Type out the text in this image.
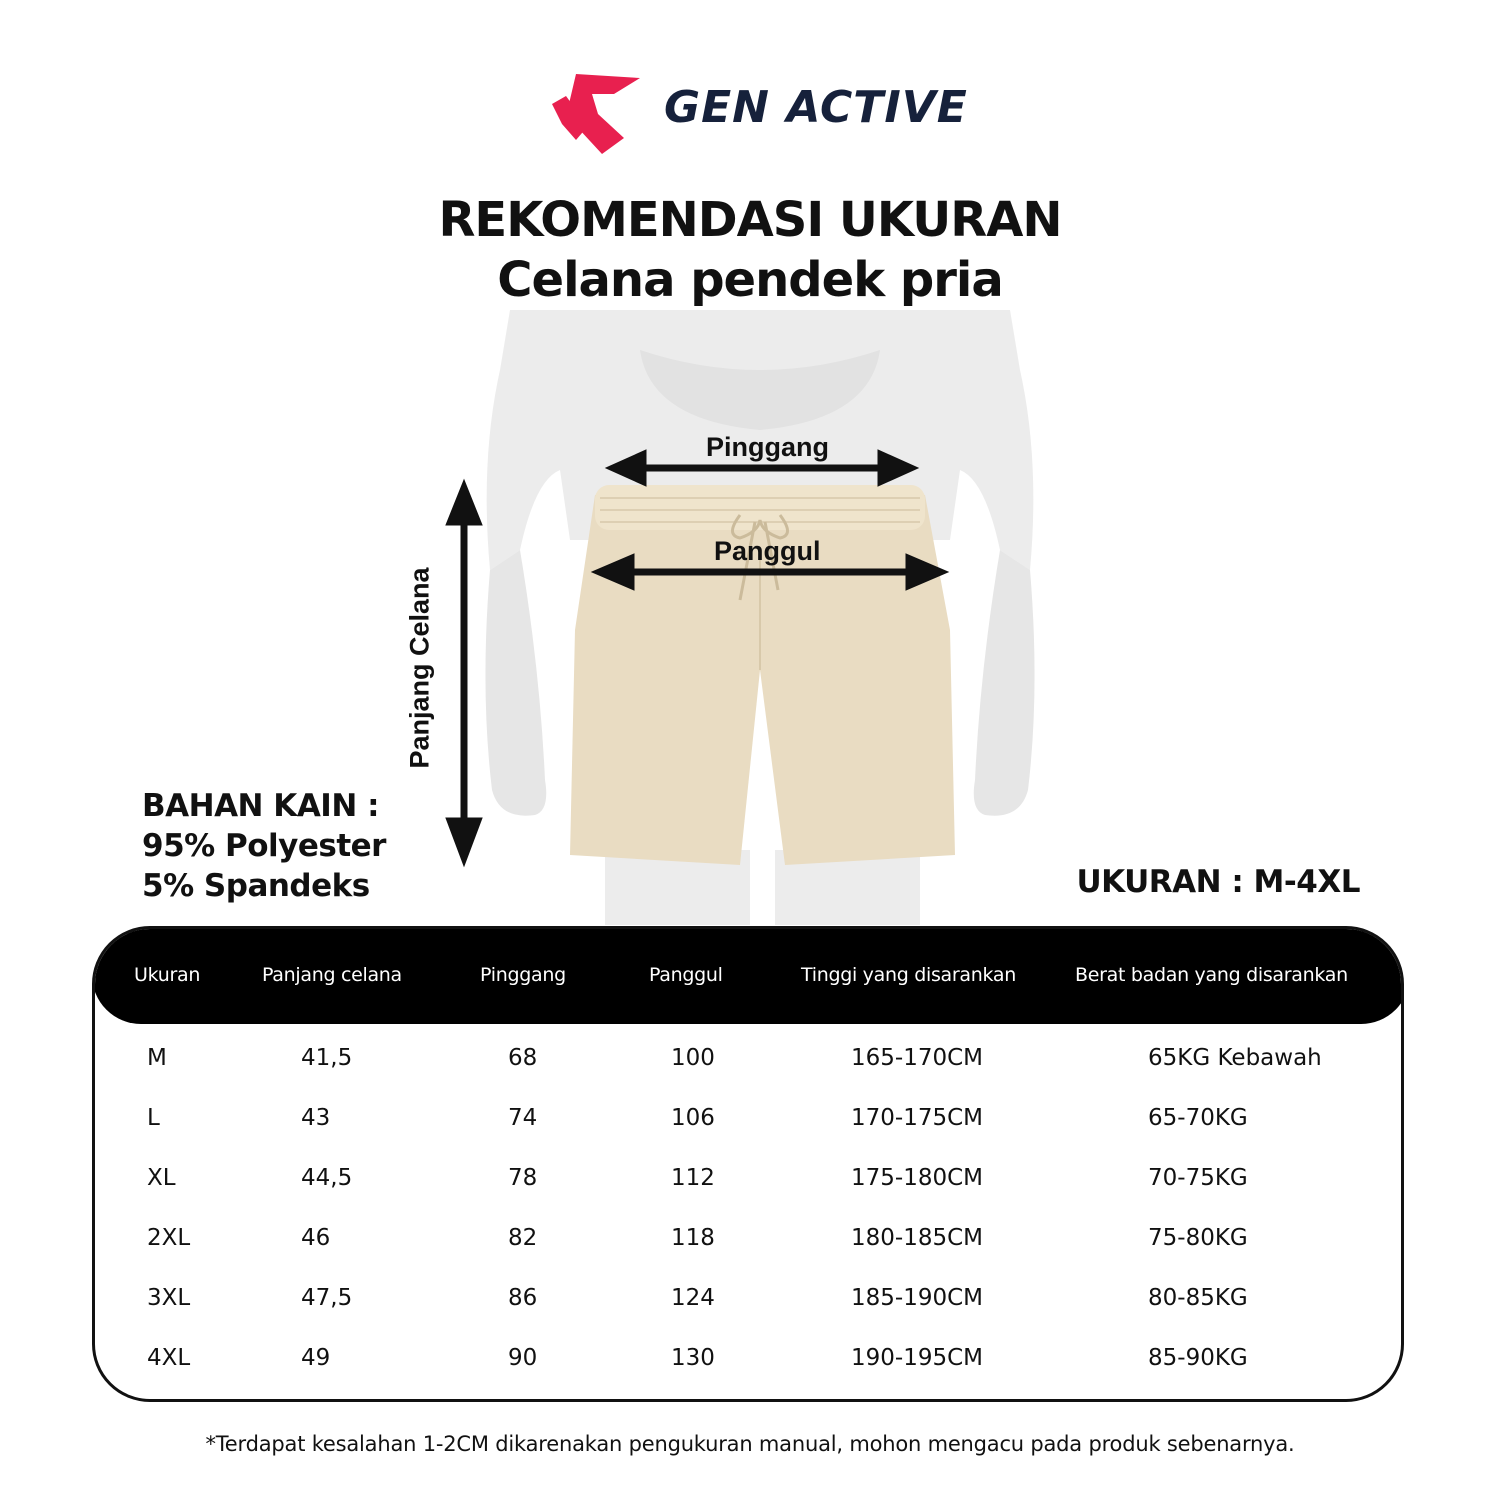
GEN ACTIVE
REKOMENDASI UKURAN
Celana pendek pria
Pinggang
Panggul
Panjang Celana
BAHAN KAIN :
95% Polyester
5% Spandeks	UKURAN : M-4XL
Ukuran	Panjang celana	Pinggang	Panggul	Tinggi yang disarankan	Berat badan yang disarankan
M	41,5	68	100	165-170CM	65KG Kebawah
L	43	74	106	170-175CM	65-70KG
XL	44,5	78	112	175-180CM	70-75KG
2XL	46	82	118	180-185CM	75-80KG
3XL	47,5	86	124	185-190CM	80-85KG
4XL	49	90	130	190-195CM	85-90KG
*Terdapat kesalahan 1-2CM dikarenakan pengukuran manual, mohon mengacu pada produk sebenarnya.
